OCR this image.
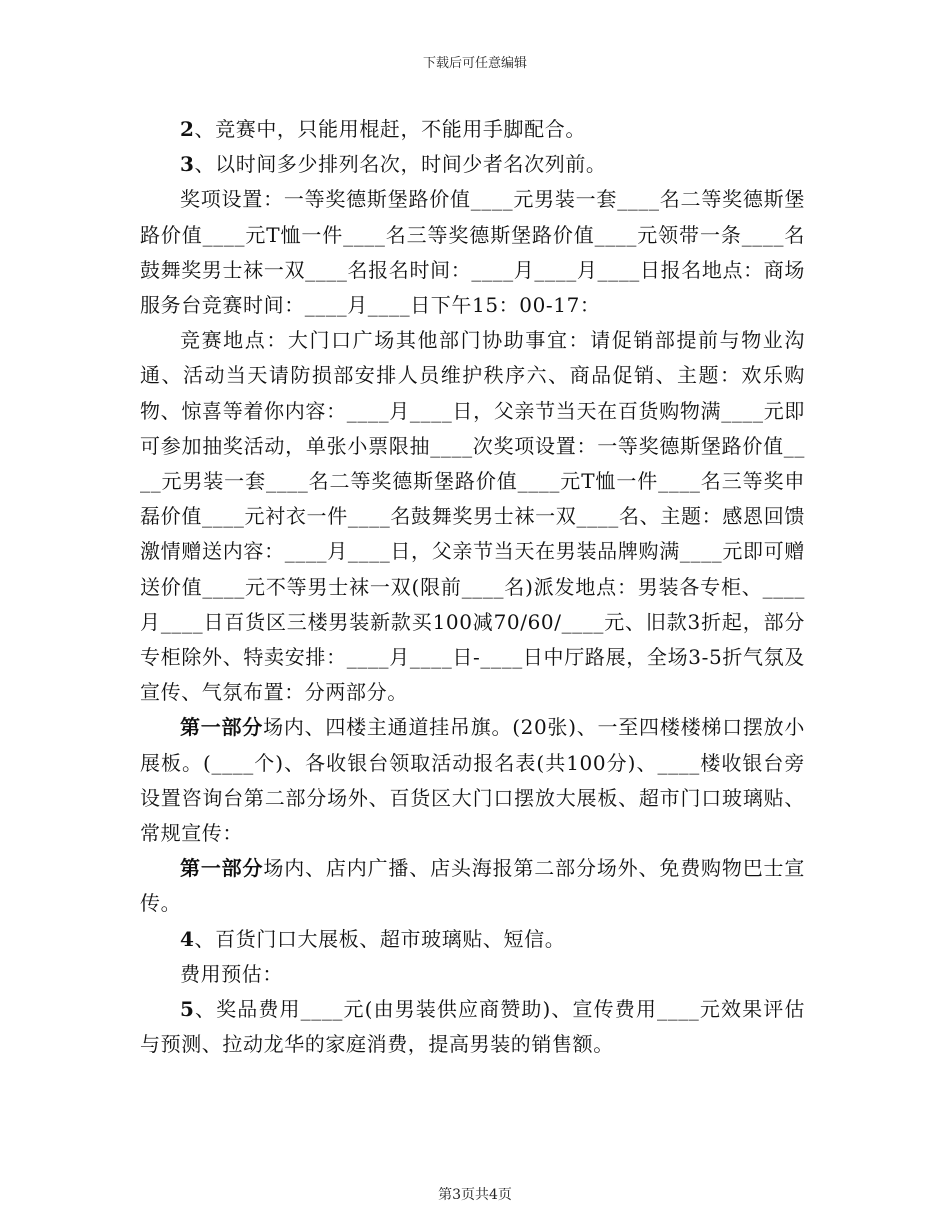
下载后可任意编辑

2、竞赛中，只能用棍赶，不能用手脚配合。

3、以时间多少排列名次，时间少者名次列前。

奖项设置：一等奖德斯堡路价值____元男装一套____名二等奖德斯堡路价值____元T恤一件____名三等奖德斯堡路价值____元领带一条____名鼓舞奖男士袜一双____名报名时间：____月____月____日报名地点：商场服务台竞赛时间：____月____日下午15：00-17：

竞赛地点：大门口广场其他部门协助事宜：请促销部提前与物业沟通、活动当天请防损部安排人员维护秩序六、商品促销、主题：欢乐购物、惊喜等着你内容：____月____日，父亲节当天在百货购物满____元即可参加抽奖活动，单张小票限抽____次奖项设置：一等奖德斯堡路价值____元男装一套____名二等奖德斯堡路价值____元T恤一件____名三等奖申磊价值____元衬衣一件____名鼓舞奖男士袜一双____名、主题：感恩回馈激情赠送内容：____月____日，父亲节当天在男装品牌购满____元即可赠送价值____元不等男士袜一双(限前____名)派发地点：男装各专柜、____月____日百货区三楼男装新款买100减70/60/____元、旧款3折起，部分专柜除外、特卖安排：____月____日-____日中厅路展，全场3-5折气氛及宣传、气氛布置：分两部分。

第一部分场内、四楼主通道挂吊旗。(20张)、一至四楼楼梯口摆放小展板。(____个)、各收银台领取活动报名表(共100分)、____楼收银台旁设置咨询台第二部分场外、百货区大门口摆放大展板、超市门口玻璃贴、常规宣传：

第一部分场内、店内广播、店头海报第二部分场外、免费购物巴士宣传。

4、百货门口大展板、超市玻璃贴、短信。

费用预估：

5、奖品费用____元(由男装供应商赞助)、宣传费用____元效果评估与预测、拉动龙华的家庭消费，提高男装的销售额。

第3页共4页
